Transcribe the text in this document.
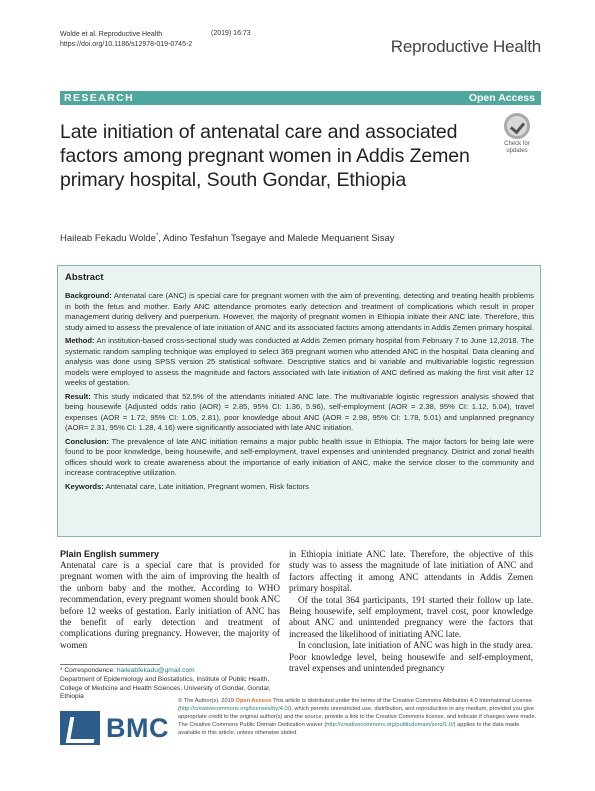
Wolde et al. Reproductive Health
https://doi.org/10.1186/s12978-019-0745-2
(2019) 16:73
Reproductive Health
RESEARCH	Open Access
Late initiation of antenatal care and associated factors among pregnant women in Addis Zemen primary hospital, South Gondar, Ethiopia
Check for
updates
Haileab Fekadu Wolde*, Adino Tesfahun Tsegaye and Malede Mequanent Sisay
Abstract

Background: Antenatal care (ANC) is special care for pregnant women with the aim of preventing, detecting and treating health problems in both the fetus and mother. Early ANC attendance promotes early detection and treatment of complications which result in proper management during delivery and puerperium. However, the majority of pregnant women in Ethiopia initiate their ANC late. Therefore, this study aimed to assess the prevalence of late initiation of ANC and its associated factors among attendants in Addis Zemen primary hospital.

Method: An institution-based cross-sectional study was conducted at Addis Zemen primary hospital from February 7 to June 12,2018. The systematic random sampling technique was employed to select 369 pregnant women who attended ANC in the hospital. Data cleaning and analysis was done using SPSS version 25 statistical software. Descriptive statics and bi variable and multivariable logistic regression models were employed to assess the magnitude and factors associated with late initiation of ANC defined as making the first visit after 12 weeks of gestation.

Result: This study indicated that 52.5% of the attendants initiated ANC late. The multivariable logistic regression analysis showed that being housewife (Adjusted odds ratio (AOR) = 2.85, 95% CI: 1.36, 5.96), self-employment (AOR = 2.38, 95% CI: 1.12, 5.04), travel expenses (AOR = 1.72, 95% CI: 1.05, 2.81), poor knowledge about ANC (AOR = 2.98, 95% CI: 1.78, 5.01) and unplanned pregnancy (AOR= 2.31, 95% CI: 1.28, 4.16) were significantly associated with late ANC initiation.

Conclusion: The prevalence of late ANC initiation remains a major public health issue in Ethiopia. The major factors for being late were found to be poor knowledge, being housewife, and self-employment, travel expenses and unintended pregnancy. District and zonal health offices should work to create awareness about the importance of early initiation of ANC, make the service closer to the community and increase contraceptive utilization.

Keywords: Antenatal care, Late initiation, Pregnant women, Risk factors

Plain English summery

Antenatal care is a special care that is provided for pregnant women with the aim of improving the health of the unborn baby and the mother. According to WHO recommendation, every pregnant women should book ANC before 12 weeks of gestation. Early initiation of ANC has the benefit of early detection and treatment of complications during pregnancy. However, the majority of women

in Ethiopia initiate ANC late. Therefore, the objective of this study was to assess the magnitude of late initiation of ANC and factors affecting it among ANC attendants in Addis Zemen primary hospital.

Of the total 364 participants, 191 started their follow up late. Being housewife, self employment, travel cost, poor knowledge about ANC and unintended pregnancy were the factors that increased the likelihood of initiating ANC late.

In conclusion, late initiation of ANC was high in the study area. Poor knowledge level, being housewife and self-employment, travel expenses and unintended pregnancy

* Correspondence: haileabfekadu@gmail.com
Department of Epidemiology and Biostatistics, Institute of Public Health, College of Medicine and Health Sciences, University of Gondar, Gondar, Ethiopia
BMC
© The Author(s). 2019 Open Access This article is distributed under the terms of the Creative Commons Attribution 4.0 International License (http://creativecommons.org/licenses/by/4.0/), which permits unrestricted use, distribution, and reproduction in any medium, provided you give appropriate credit to the original author(s) and the source, provide a link to the Creative Commons license, and indicate if changes were made. The Creative Commons Public Domain Dedication waiver (http://creativecommons.org/publicdomain/zero/1.0/) applies to the data made available in this article, unless otherwise stated.
